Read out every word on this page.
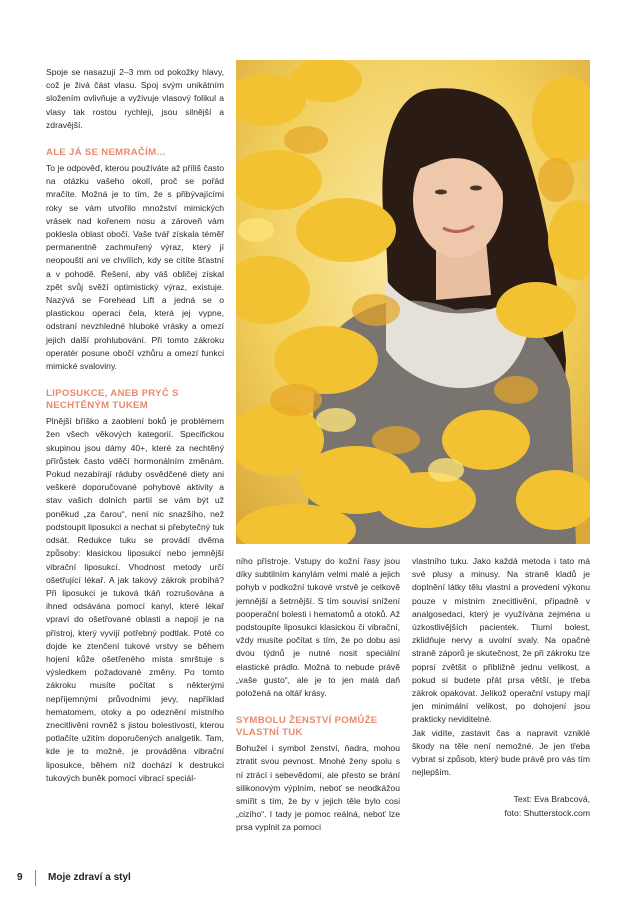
Spoje se nasazují 2–3 mm od pokožky hlavy, což je živá část vlasu. Spoj svým unikátním složením ovlivňuje a vyživuje vlasový folikul a vlasy tak rostou rychleji, jsou silnější a zdravější.

ALE JÁ SE NEMRAČÍM…

To je odpověď, kterou používáte až příliš často na otázku vašeho okolí, proč se pořád mračíte. Možná je to tím, že s přibývajícími roky se vám utvořilo množství mimických vrásek nad kořenem nosu a zároveň vám poklesla oblast obočí. Vaše tvář získala téměř permanentně zachmuřený výraz, který jí neopouští ani ve chvílích, kdy se cítíte šťastní a v pohodě. Řešení, aby váš obličej získal zpět svůj svěží optimistický výraz, existuje. Nazývá se Forehead Lift a jedná se o plastickou operaci čela, která jej vypne, odstraní nevzhledné hluboké vrásky a omezí jejich další prohlubování. Při tomto zákroku operatér posune obočí vzhůru a omezí funkci mimické svaloviny.

LIPOSUKCE, ANEB PRYČ S NECHTĚNÝM TUKEM

Plnější bříško a zaoblení boků je problémem žen všech věkových kategorií. Specifickou skupinou jsou dámy 40+, které za nechtěný přírůstek často vděčí hormonálním změnám. Pokud nezabírají ráduby osvědčené diety ani veškeré doporučované pohybové aktivity a stav vašich dolních partií se vám být už poněkud „za čarou“, není nic snazšího, než podstoupit liposukci a nechat si přebytečný tuk odsát. Redukce tuku se provádí dvěma způsoby: klasickou liposukcí nebo jemnější vibrační liposukcí. Vhodnost metody určí ošetřující lékař. A jak takový zákrok probíhá? Při liposukci je tuková tkáň rozrušována a ihned odsávána pomocí kanyl, které lékař vpraví do ošetřované oblasti a napojí je na přístroj, který vyvíjí potřebný podtlak. Poté co dojde ke ztenčení tukové vrstvy se během hojení kůže ošetřeného místa smrštuje s výsledkem požadované změny. Po tomto zákroku musíte počítat s některými nepříjemnými průvodními jevy, například hematomem, otoky a po odeznění místního znecitlivění rovněž s jistou bolestivostí, kterou potlačíte užitím doporučených analgetik. Tam, kde je to možné, je prováděna vibrační liposukce, během níž dochází k destrukci tukových buněk pomocí vibrací speciál-

ního přístroje. Vstupy do kožní řasy jsou díky subtilním kanylám velmi malé a jejich pohyb v podkožní tukové vrstvě je celkově jemnější a šetrnější. S tím souvisí snížení pooperační bolesti i hematomů a otoků. Až podstoupíte liposukci klasickou či vibrační, vždy musíte počítat s tím, že po dobu asi dvou týdnů je nutné nosit speciální elastické prádlo. Možná to nebude právě „vaše gusto“, ale je to jen malá daň položená na oltář krásy.

SYMBOLU ŽENSTVÍ POMŮŽE VLASTNÍ TUK

Bohužel i symbol ženství, ňadra, mohou ztratit svou pevnost. Mnohé ženy spolu s ní ztrácí i sebevědomí, ale přesto se brání silikonovým výplním, neboť se neodkážou smířit s tím, že by v jejich těle bylo cosi „cizího“. I tady je pomoc reálná, neboť lze prsa vyplnit za pomoci

vlastního tuku. Jako každá metoda i tato má své plusy a minusy. Na straně kladů je doplnění látky tělu vlastní a provedení výkonu pouze v místním znecitlivění, případně v analgosedaci, který je využívána zejména u úzkostlivějších pacientek. Tlumí bolest, zklidňuje nervy a uvolní svaly. Na opačné straně záporů je skutečnost, že při zákroku lze poprsí zvětšit o přibližně jednu velikost, a pokud si budete přát prsa větší, je třeba zákrok opakovat. Jelikož operační vstupy mají jen minimální velikost, po dohojení jsou prakticky neviditelné.

Jak vidíte, zastavit čas a napravit vzniklé škody na těle není nemožné. Je jen třeba vybrat si způsob, který bude právě pro vás tím nejlepším.

Text: Eva Brabcová,
foto: Shutterstock.com
9	Moje zdraví a styl
